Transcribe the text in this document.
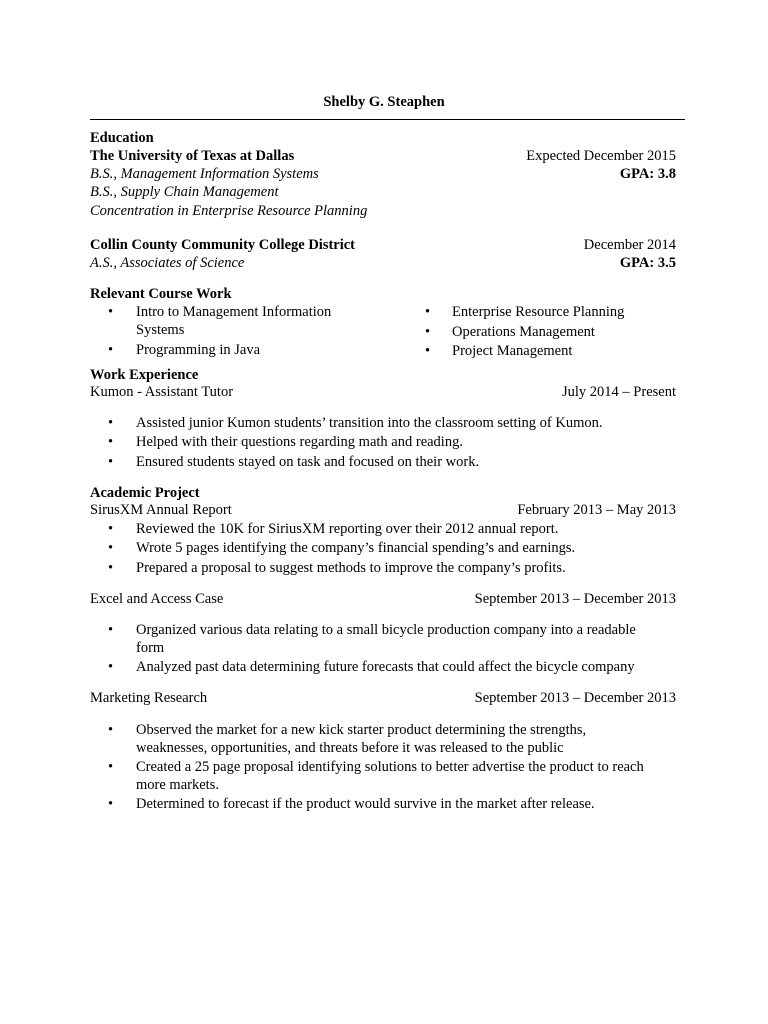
Shelby G. Steaphen
Education
The University of Texas at Dallas	Expected December 2015
B.S., Management Information Systems	GPA: 3.8
B.S., Supply Chain Management
Concentration in Enterprise Resource Planning
Collin County Community College District	December 2014
A.S., Associates of Science	GPA: 3.5
Relevant Course Work
•	Intro to Management Information Systems
•	Programming in Java
• Enterprise Resource Planning
• Operations Management
• Project Management
Work Experience
Kumon - Assistant Tutor	July 2014 – Present
•	Assisted junior Kumon students’ transition into the classroom setting of Kumon.
•	Helped with their questions regarding math and reading.
•	Ensured students stayed on task and focused on their work.
Academic Project
SirusXM Annual Report	February 2013 – May 2013
•	Reviewed the 10K for SiriusXM reporting over their 2012 annual report.
•	Wrote 5 pages identifying the company’s financial spending’s and earnings.
•	Prepared a proposal to suggest methods to improve the company’s profits.
Excel and Access Case	September 2013 – December 2013
•	Organized various data relating to a small bicycle production company into a readable form
•	Analyzed past data determining future forecasts that could affect the bicycle company
Marketing Research	September 2013 – December 2013
•	Observed the market for a new kick starter product determining the strengths, weaknesses, opportunities, and threats before it was released to the public
•	Created a 25 page proposal identifying solutions to better advertise the product to reach more markets.
•	Determined to forecast if the product would survive in the market after release.
